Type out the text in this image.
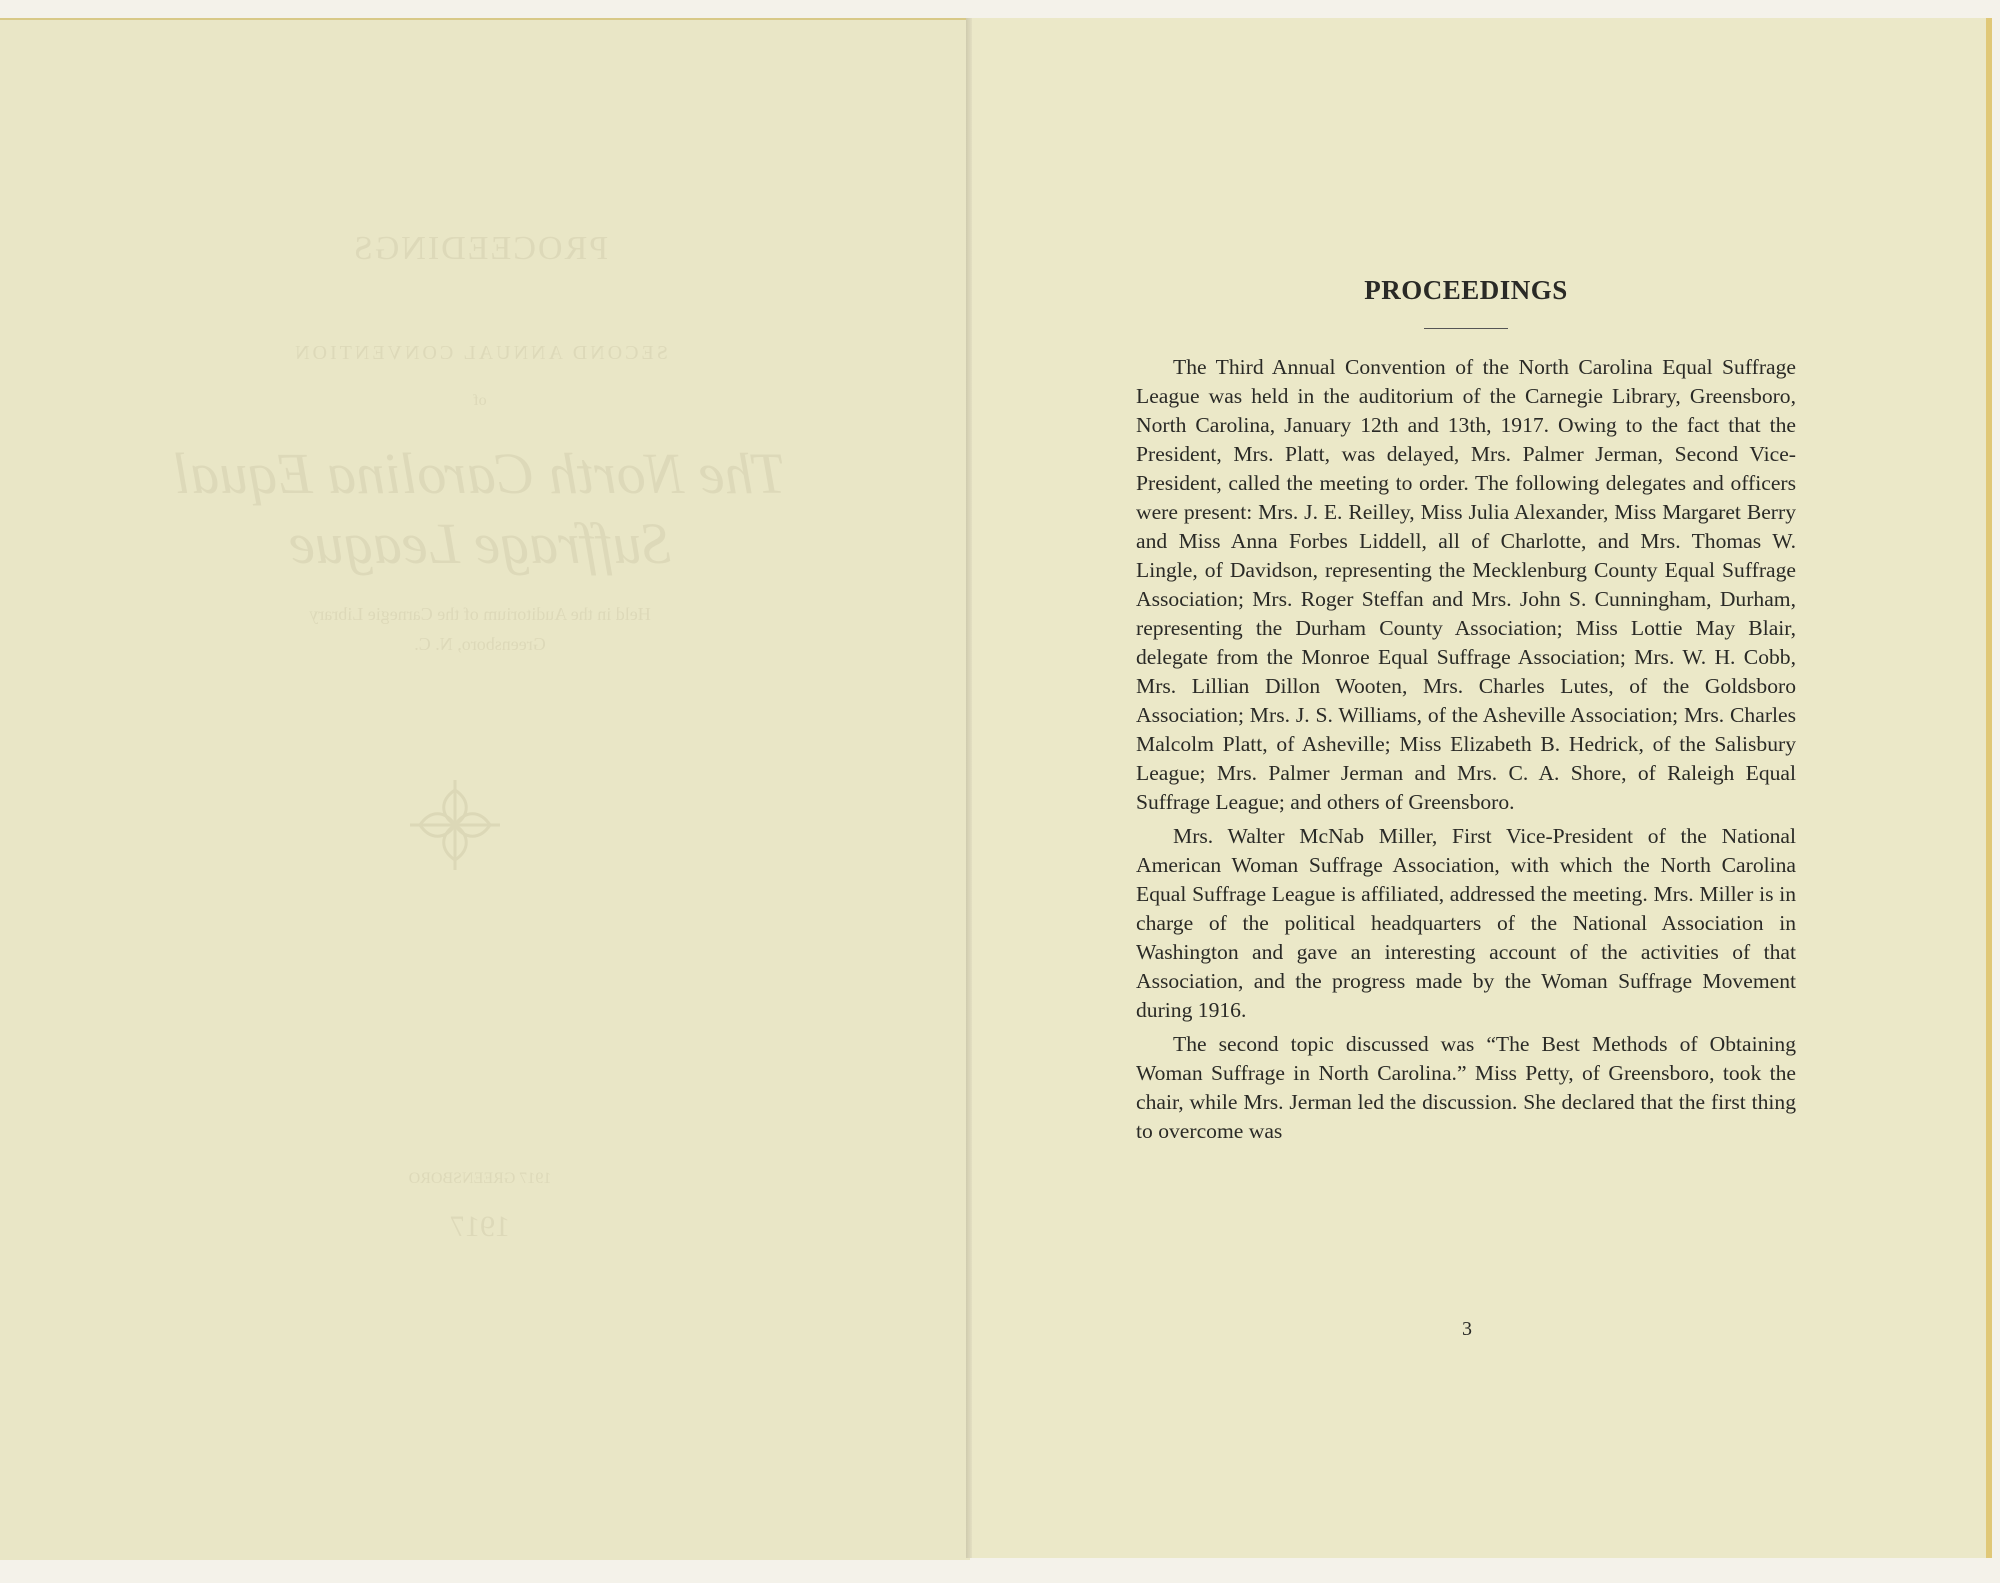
PROCEEDINGS
SECOND ANNUAL CONVENTION
of
The North Carolina Equal
Suffrage League
Held in the Auditorium of the Carnegie Library
Greensboro, N. C.
1917 GREENSBORO
1917
PROCEEDINGS

The Third Annual Convention of the North Carolina Equal Suffrage League was held in the auditorium of the Carnegie Library, Greensboro, North Carolina, January 12th and 13th, 1917. Owing to the fact that the President, Mrs. Platt, was delayed, Mrs. Palmer Jerman, Second Vice-President, called the meeting to order. The following delegates and officers were present: Mrs. J. E. Reilley, Miss Julia Alexander, Miss Margaret Berry and Miss Anna Forbes Liddell, all of Charlotte, and Mrs. Thomas W. Lingle, of Davidson, representing the Mecklenburg County Equal Suffrage Association; Mrs. Roger Steffan and Mrs. John S. Cunningham, Durham, representing the Durham County Association; Miss Lottie May Blair, delegate from the Monroe Equal Suffrage Association; Mrs. W. H. Cobb, Mrs. Lillian Dillon Wooten, Mrs. Charles Lutes, of the Goldsboro Association; Mrs. J. S. Williams, of the Asheville Association; Mrs. Charles Malcolm Platt, of Asheville; Miss Elizabeth B. Hedrick, of the Salisbury League; Mrs. Palmer Jerman and Mrs. C. A. Shore, of Raleigh Equal Suffrage League; and others of Greensboro.

Mrs. Walter McNab Miller, First Vice-President of the National American Woman Suffrage Association, with which the North Carolina Equal Suffrage League is affiliated, addressed the meeting. Mrs. Miller is in charge of the political headquarters of the National Association in Washington and gave an interesting account of the activities of that Association, and the progress made by the Woman Suffrage Movement during 1916.

The second topic discussed was “The Best Methods of Obtaining Woman Suffrage in North Carolina.” Miss Petty, of Greensboro, took the chair, while Mrs. Jerman led the discussion. She declared that the first thing to overcome was

3
